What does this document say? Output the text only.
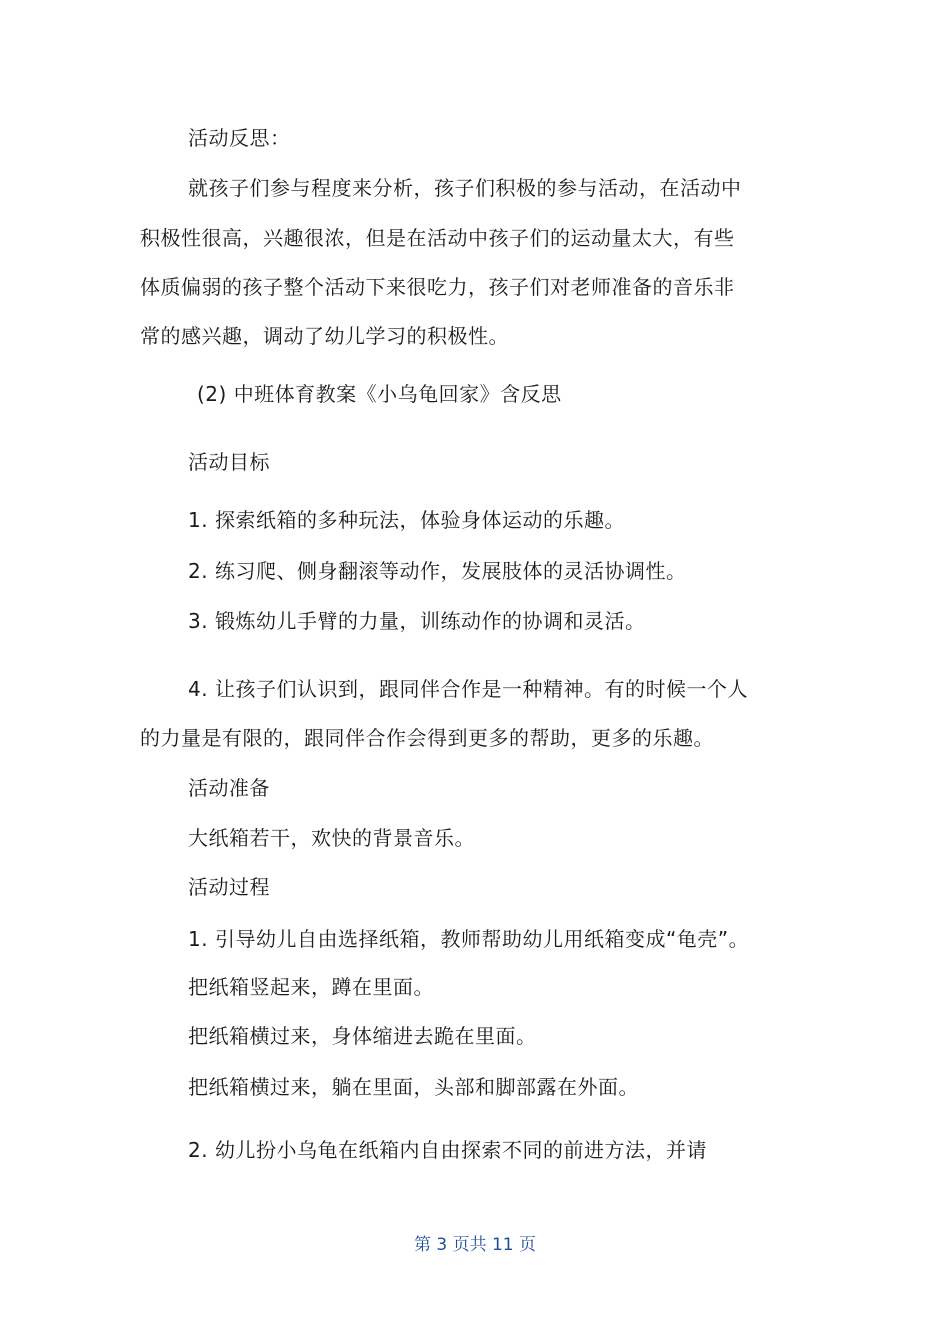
活动反思：
就孩子们参与程度来分析，孩子们积极的参与活动，在活动中
积极性很高，兴趣很浓，但是在活动中孩子们的运动量太大，有些
体质偏弱的孩子整个活动下来很吃力，孩子们对老师准备的音乐非
常的感兴趣，调动了幼儿学习的积极性。
(2) 中班体育教案《小乌龟回家》含反思
活动目标
1. 探索纸箱的多种玩法，体验身体运动的乐趣。
2. 练习爬、侧身翻滚等动作，发展肢体的灵活协调性。
3. 锻炼幼儿手臂的力量，训练动作的协调和灵活。
4. 让孩子们认识到，跟同伴合作是一种精神。有的时候一个人
的力量是有限的，跟同伴合作会得到更多的帮助，更多的乐趣。
活动准备
大纸箱若干，欢快的背景音乐。
活动过程
1. 引导幼儿自由选择纸箱，教师帮助幼儿用纸箱变成“龟壳”。
把纸箱竖起来，蹲在里面。
把纸箱横过来，身体缩进去跪在里面。
把纸箱横过来，躺在里面，头部和脚部露在外面。
2. 幼儿扮小乌龟在纸箱内自由探索不同的前进方法，并请
第 3 页共 11 页
